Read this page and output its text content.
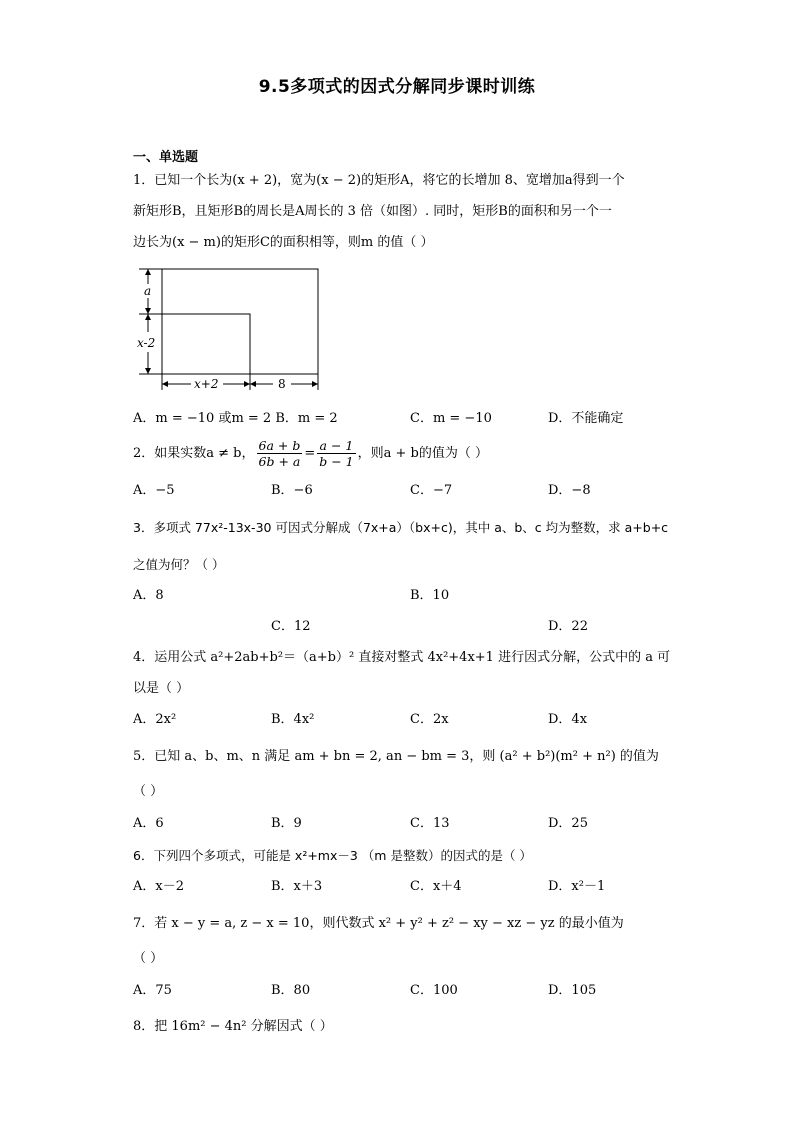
9.5多项式的因式分解同步课时训练
一、单选题
1．已知一个长为(x + 2)，宽为(x − 2)的矩形A，将它的长增加 8、宽增加a得到一个
新矩形B，且矩形B的周长是A周长的 3 倍（如图）. 同时，矩形B的面积和另一个一
边长为(x − m)的矩形C的面积相等，则m 的值（ ）
a
x-2
x+2	8
A．m = −10 或m = 2 B．m = 2	C．m = −10	D．不能确定
2．如果实数a ≠ b， $\frac{6a + b}{6b + a} = \frac{a - 1}{b - 1}$ ，则a + b的值为（ ）
A．−5	B．−6	C．−7	D．−8
3．多项式 77x²-13x-30 可因式分解成（7x+a）（bx+c)，其中 a、b、c 均为整数，求 a+b+c
之值为何？（ ）
A．8	B．10
C．12	D．22
4．运用公式 a²+2ab+b²＝（a+b）² 直接对整式 4x²+4x+1 进行因式分解，公式中的 a 可
以是（ ）
A．2x²	B．4x²	C．2x	D．4x
5．已知 a、b、m、n 满足 am + bn = 2, an − bm = 3，则 (a² + b²)(m² + n²) 的值为
（ ）
A．6	B．9	C．13	D．25
6．下列四个多项式，可能是 x²+mx－3 （m 是整数）的因式的是（ ）
A．x－2	B．x＋3	C．x＋4	D．x²－1
7．若 x − y = a, z − x = 10，则代数式 x² + y² + z² − xy − xz − yz 的最小值为
（ ）
A．75	B．80	C．100	D．105
8．把 16m² − 4n² 分解因式（ ）
